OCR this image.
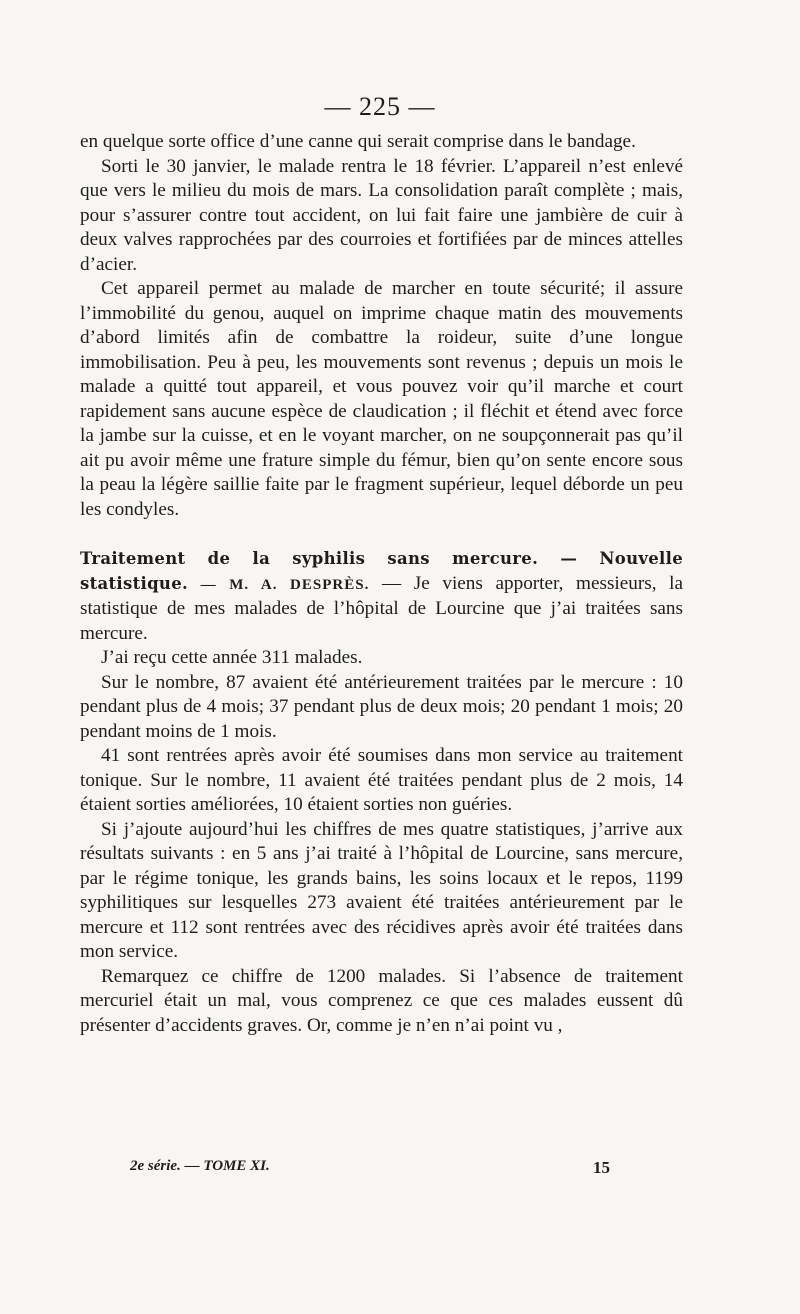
— 225 —

en quelque sorte office d’une canne qui serait comprise dans le bandage.

Sorti le 30 janvier, le malade rentra le 18 février. L’appareil n’est enlevé que vers le milieu du mois de mars. La consolidation paraît complète ; mais, pour s’assurer contre tout accident, on lui fait faire une jambière de cuir à deux valves rapprochées par des courroies et fortifiées par de minces attelles d’acier.

Cet appareil permet au malade de marcher en toute sécurité; il assure l’immobilité du genou, auquel on imprime chaque matin des mouvements d’abord limités afin de combattre la roideur, suite d’une longue immobilisation. Peu à peu, les mouvements sont revenus ; depuis un mois le malade a quitté tout appareil, et vous pouvez voir qu’il marche et court rapidement sans aucune espèce de claudication ; il fléchit et étend avec force la jambe sur la cuisse, et en le voyant marcher, on ne soupçonnerait pas qu’il ait pu avoir même une frature simple du fémur, bien qu’on sente encore sous la peau la légère saillie faite par le fragment supérieur, lequel déborde un peu les condyles.

Traitement de la syphilis sans mercure. — Nouvelle statistique. — M. A. DESPRÈS. — Je viens apporter, messieurs, la statistique de mes malades de l’hôpital de Lourcine que j’ai traitées sans mercure.

J’ai reçu cette année 311 malades.

Sur le nombre, 87 avaient été antérieurement traitées par le mercure : 10 pendant plus de 4 mois; 37 pendant plus de deux mois; 20 pendant 1 mois; 20 pendant moins de 1 mois.

41 sont rentrées après avoir été soumises dans mon service au traitement tonique. Sur le nombre, 11 avaient été traitées pendant plus de 2 mois, 14 étaient sorties améliorées, 10 étaient sorties non guéries.

Si j’ajoute aujourd’hui les chiffres de mes quatre statistiques, j’arrive aux résultats suivants : en 5 ans j’ai traité à l’hôpital de Lourcine, sans mercure, par le régime tonique, les grands bains, les soins locaux et le repos, 1199 syphilitiques sur lesquelles 273 avaient été traitées antérieurement par le mercure et 112 sont rentrées avec des récidives après avoir été traitées dans mon service.

Remarquez ce chiffre de 1200 malades. Si l’absence de traitement mercuriel était un mal, vous comprenez ce que ces malades eussent dû présenter d’accidents graves. Or, comme je n’en n’ai point vu ,

2e série. — TOME XI.	15
